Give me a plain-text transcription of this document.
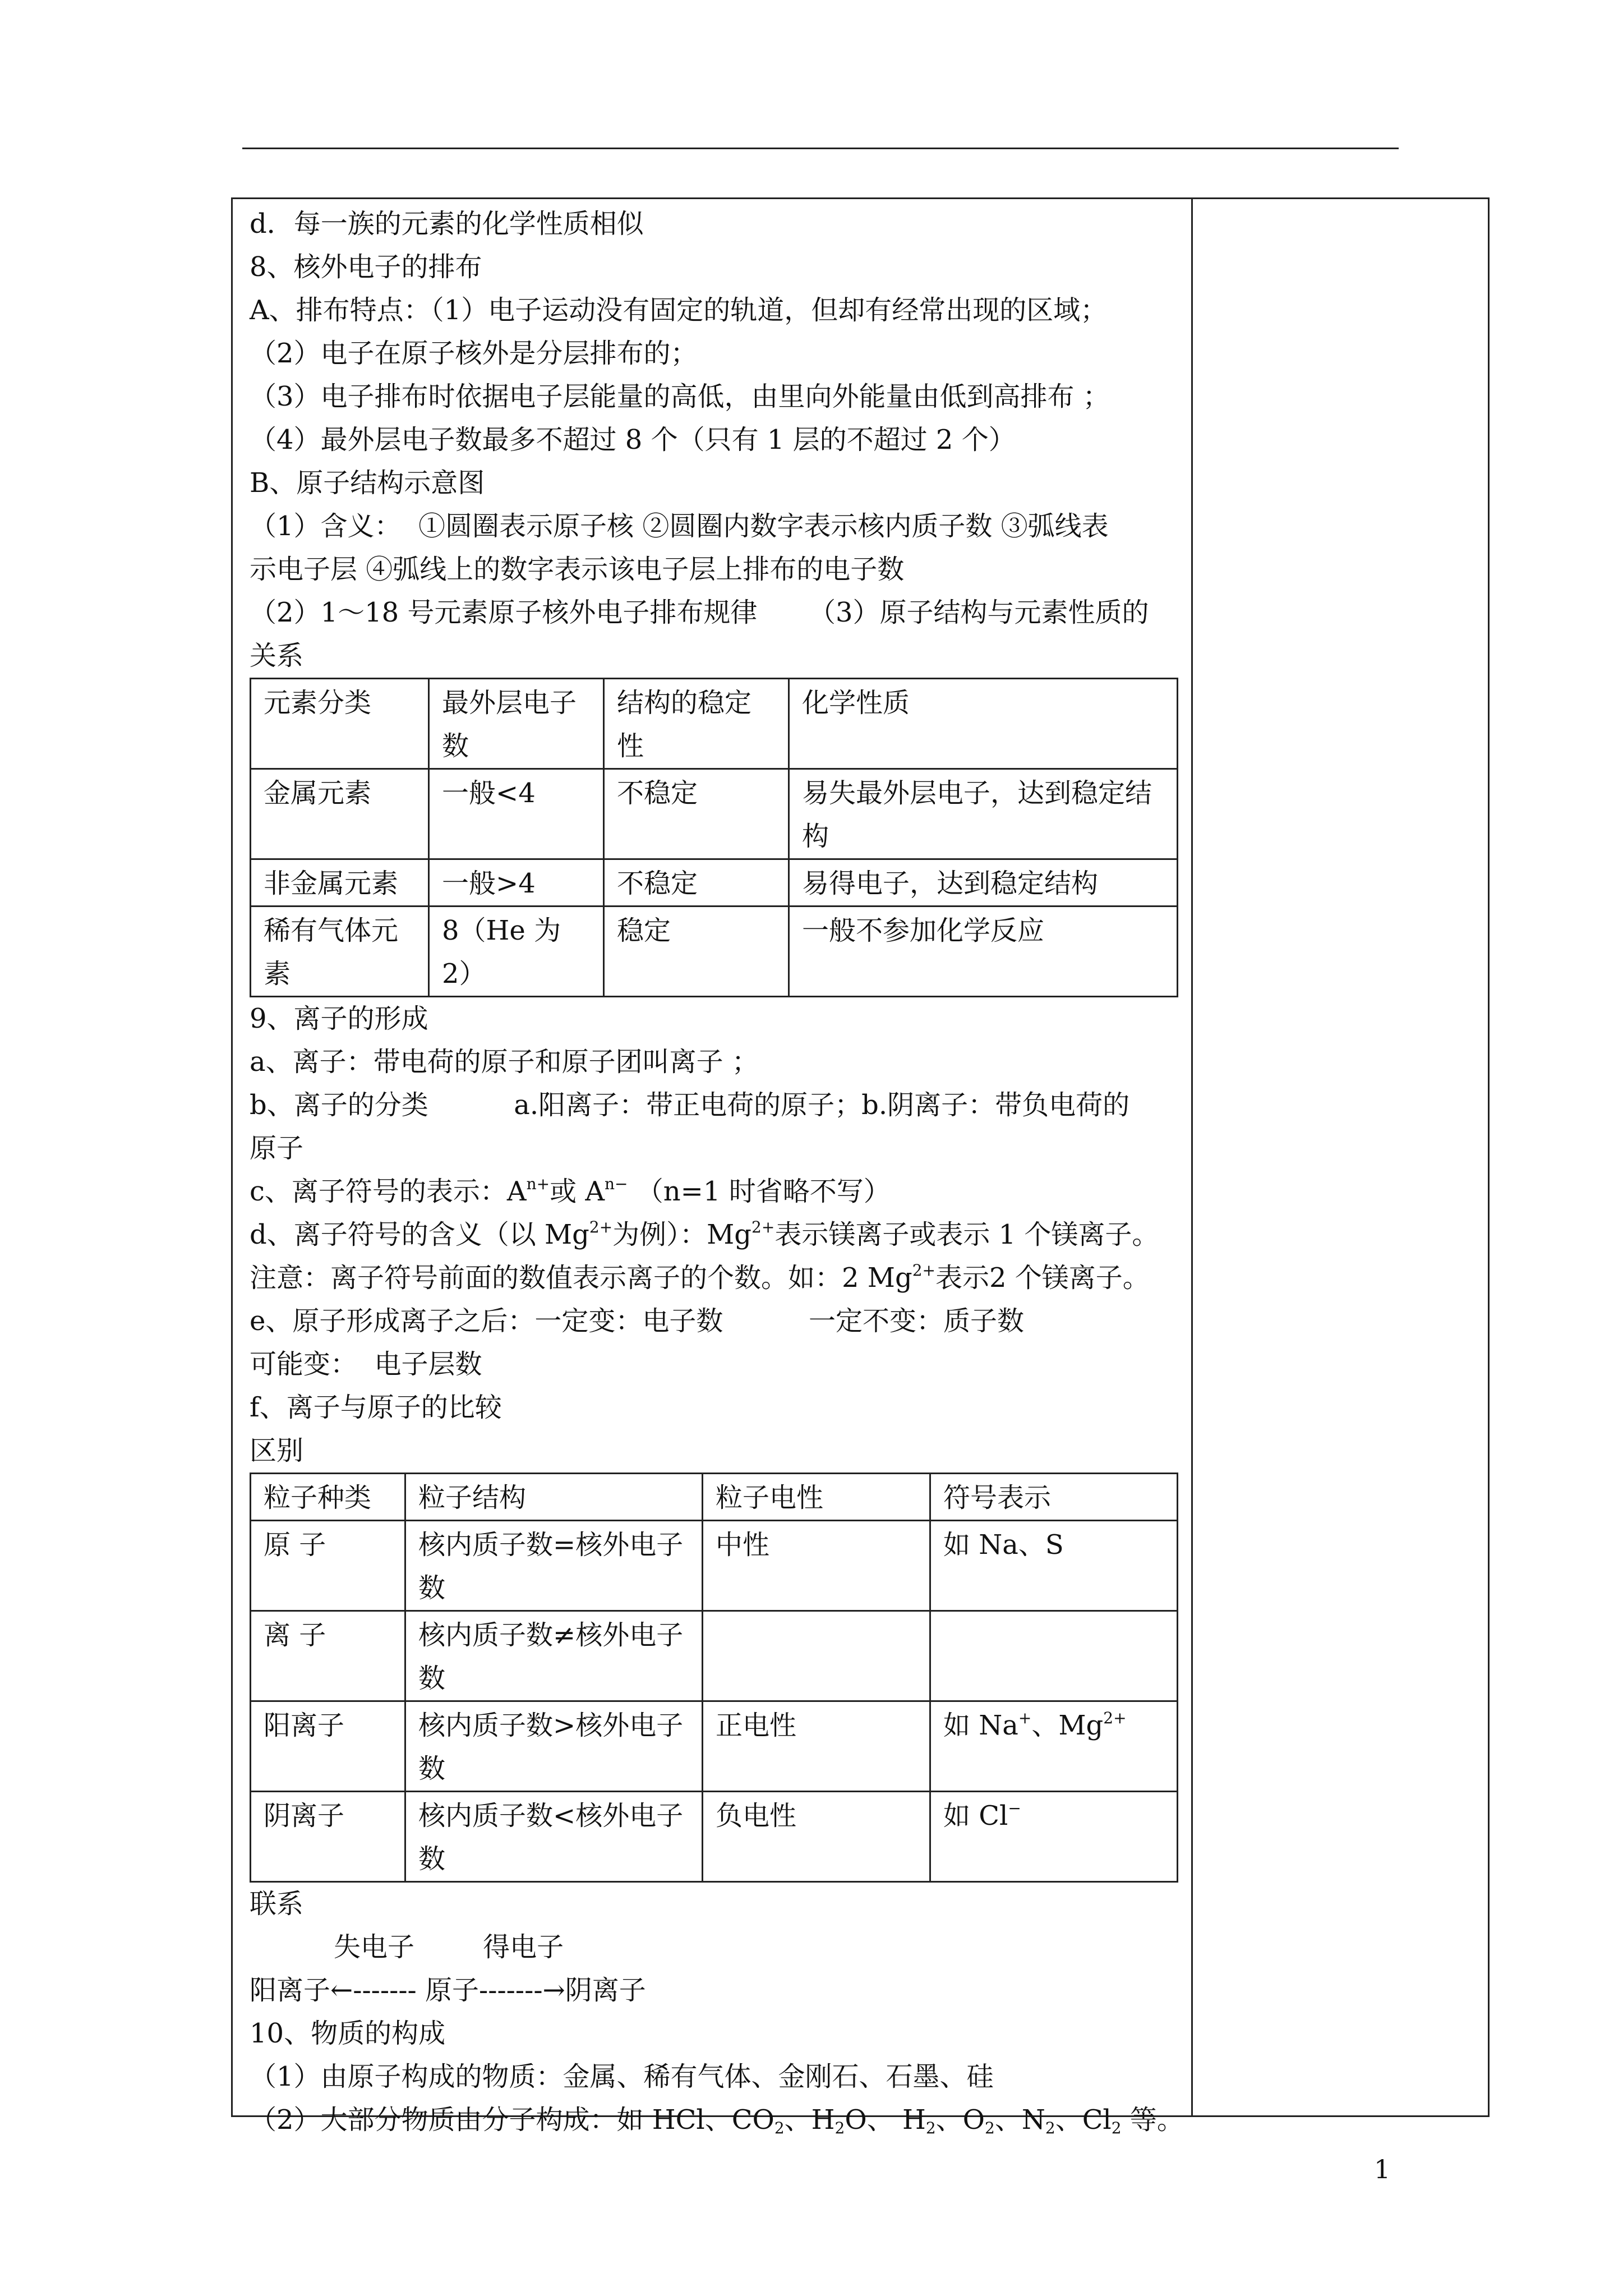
d．每一族的元素的化学性质相似
8、核外电子的排布
A、排布特点：（1）电子运动没有固定的轨道，但却有经常出现的区域；
（2）电子在原子核外是分层排布的；
（3）电子排布时依据电子层能量的高低，由里向外能量由低到高排布 ；
（4）最外层电子数最多不超过 8 个（只有 1 层的不超过 2 个）
B、原子结构示意图
（1）含义：  ①圆圈表示原子核 ②圆圈内数字表示核内质子数 ③弧线表
示电子层 ④弧线上的数字表示该电子层上排布的电子数
（2）1～18 号元素原子核外电子排布规律      （3）原子结构与元素性质的
关系
元素分类	最外层电子数	结构的稳定性	化学性质
金属元素	一般<4	不稳定	易失最外层电子，达到稳定结构
非金属元素	一般>4	不稳定	易得电子，达到稳定结构
稀有气体元素	8（He 为 2）	稳定	一般不参加化学反应
9、离子的形成
a、离子：带电荷的原子和原子团叫离子 ；
b、离子的分类          a.阳离子：带正电荷的原子；b.阴离子：带负电荷的
原子
c、离子符号的表示：$A^{n+}$或 $A^{n-}$ （n=1 时省略不写）
d、离子符号的含义（以 $Mg^{2+}$为例）：$Mg^{2+}$表示镁离子或表示 1 个镁离子。
注意：离子符号前面的数值表示离子的个数。如：2 $Mg^{2+}$表示2 个镁离子。
e、原子形成离子之后：一定变：电子数          一定不变：质子数
可能变：  电子层数
f、离子与原子的比较
区别
粒子种类	粒子结构	粒子电性	符号表示
原 子	核内质子数=核外电子数	中性	如 Na、S
离 子	核内质子数≠核外电子数		
阳离子	核内质子数>核外电子数	正电性	如 Na+、$Mg^{2+}$
阴离子	核内质子数<核外电子数	负电性	如 Cl−
联系
失电子        得电子
阳离子←------- 原子-------→阴离子
10、物质的构成
（1）由原子构成的物质：金属、稀有气体、金刚石、石墨、硅
（2）大部分物质由分子构成：如 HCl、$CO_2$、$H_2O$、 $H_2$、$O_2$、$N_2$、$Cl_2$ 等。
1
